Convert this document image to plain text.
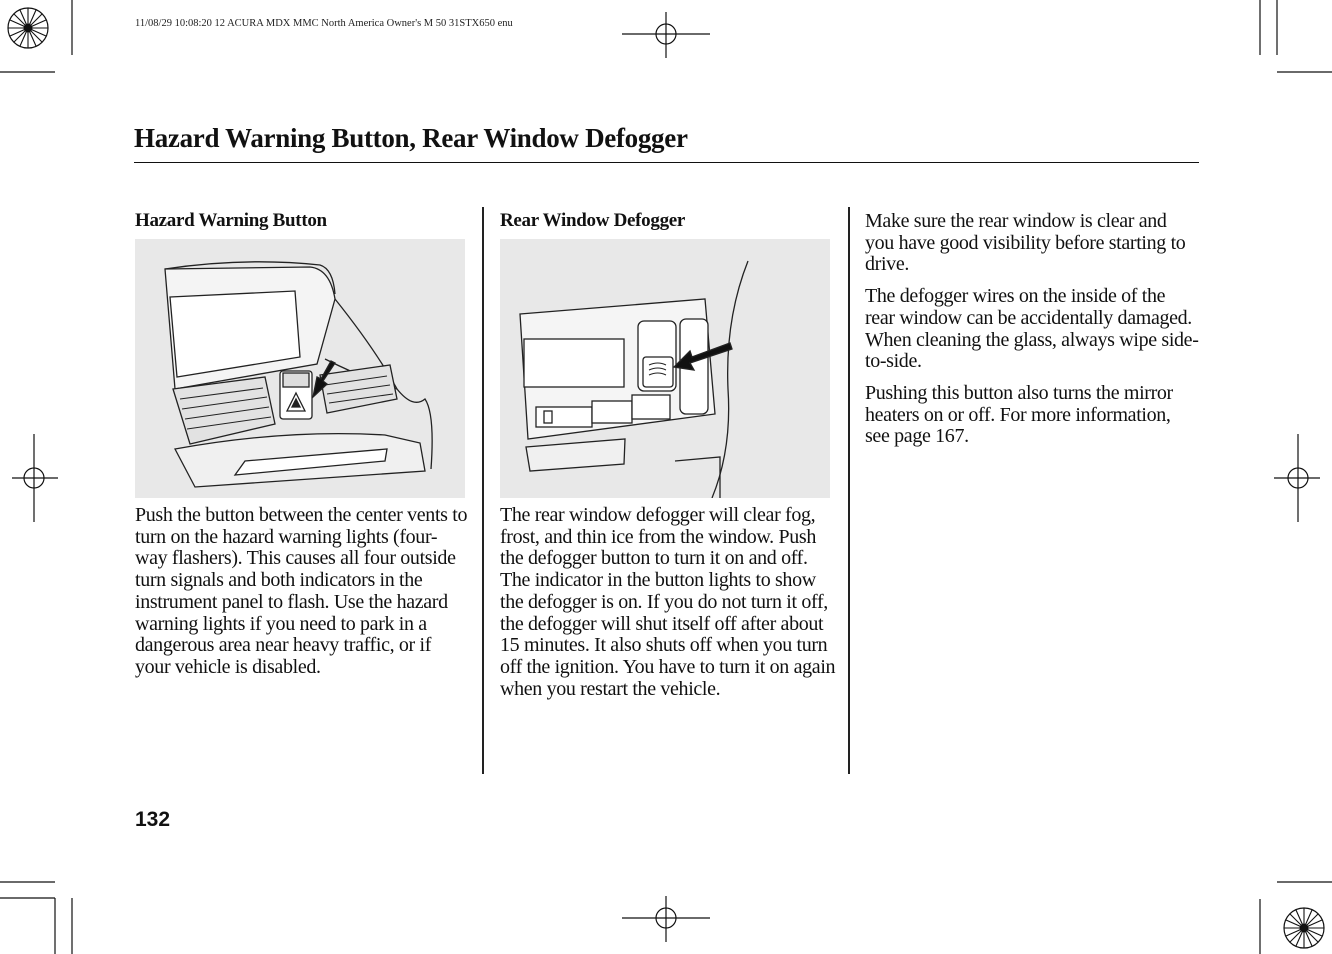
11/08/29 10:08:20 12 ACURA MDX MMC North America Owner's M 50 31STX650 enu
Hazard Warning Button, Rear Window Defogger
Hazard Warning Button
Push the button between the center vents to turn on the hazard warning lights (four-way flashers). This causes all four outside turn signals and both indicators in the instrument panel to flash. Use the hazard warning lights if you need to park in a dangerous area near heavy traffic, or if your vehicle is disabled.
Rear Window Defogger
The rear window defogger will clear fog, frost, and thin ice from the window. Push the defogger button to turn it on and off. The indicator in the button lights to show the defogger is on. If you do not turn it off, the defogger will shut itself off after about 15 minutes. It also shuts off when you turn off the ignition. You have to turn it on again when you restart the vehicle.

Make sure the rear window is clear and you have good visibility before starting to drive.

The defogger wires on the inside of the rear window can be accidentally damaged. When cleaning the glass, always wipe side-to-side.

Pushing this button also turns the mirror heaters on or off. For more information, see page 167.

132
